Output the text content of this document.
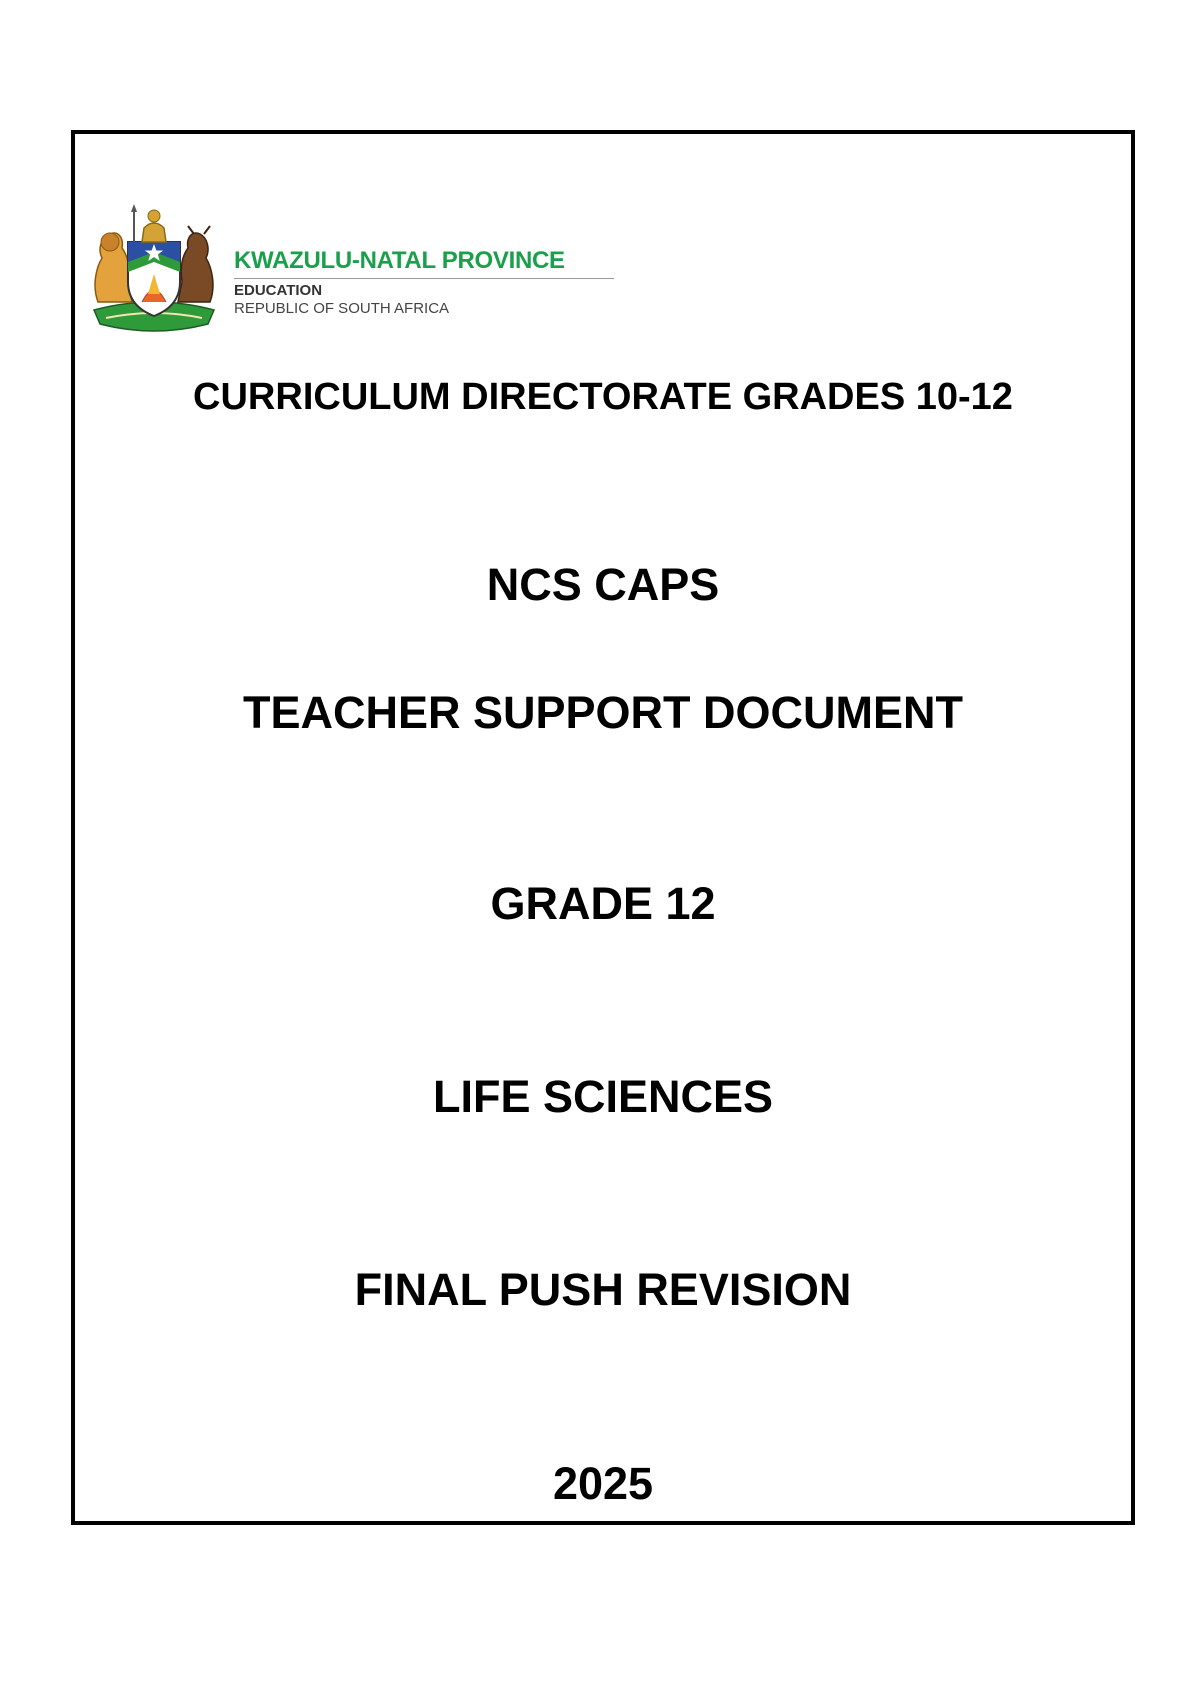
KWAZULU-NATAL PROVINCE
EDUCATION
REPUBLIC OF SOUTH AFRICA
CURRICULUM DIRECTORATE GRADES 10-12
NCS CAPS
TEACHER SUPPORT DOCUMENT
GRADE 12
LIFE SCIENCES
FINAL PUSH REVISION
2025
